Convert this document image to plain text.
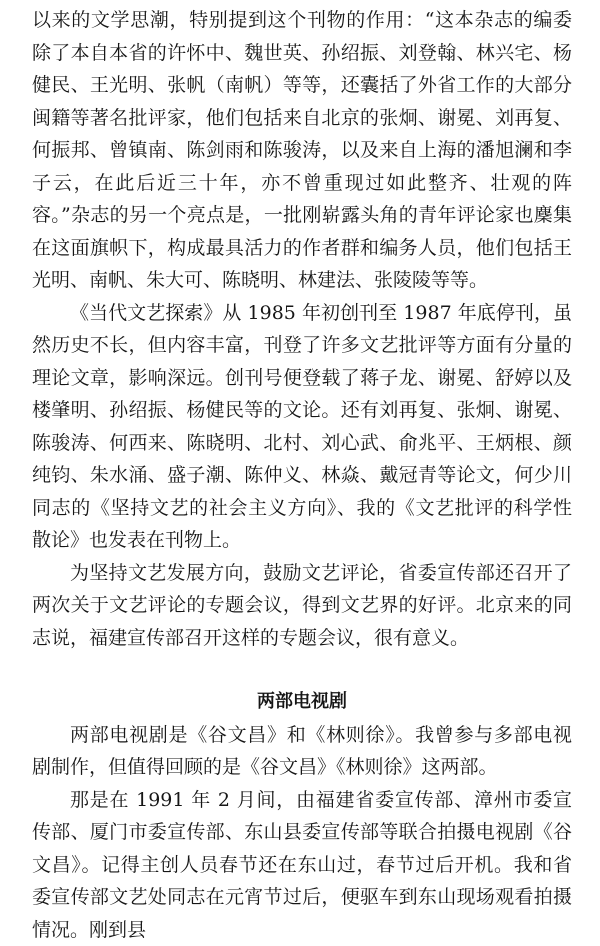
以来的文学思潮，特别提到这个刊物的作用：“这本杂志的编委除了本自本省的许怀中、魏世英、孙绍振、刘登翰、林兴宅、杨健民、王光明、张帆（南帆）等等，还囊括了外省工作的大部分闽籍等著名批评家，他们包括来自北京的张炯、谢冕、刘再复、何振邦、曾镇南、陈剑雨和陈骏涛，以及来自上海的潘旭澜和李子云，在此后近三十年，亦不曾重现过如此整齐、壮观的阵容。”杂志的另一个亮点是，一批刚崭露头角的青年评论家也麇集在这面旗帜下，构成最具活力的作者群和编务人员，他们包括王光明、南帆、朱大可、陈晓明、林建法、张陵陵等等。

《当代文艺探索》从 1985 年初创刊至 1987 年底停刊，虽然历史不长，但内容丰富，刊登了许多文艺批评等方面有分量的理论文章，影响深远。创刊号便登载了蒋子龙、谢冕、舒婷以及楼肇明、孙绍振、杨健民等的文论。还有刘再复、张炯、谢冕、陈骏涛、何西来、陈晓明、北村、刘心武、俞兆平、王炳根、颜纯钧、朱水涌、盛子潮、陈仲义、林焱、戴冠青等论文，何少川同志的《坚持文艺的社会主义方向》、我的《文艺批评的科学性散论》也发表在刊物上。

为坚持文艺发展方向，鼓励文艺评论，省委宣传部还召开了两次关于文艺评论的专题会议，得到文艺界的好评。北京来的同志说，福建宣传部召开这样的专题会议，很有意义。

两部电视剧

两部电视剧是《谷文昌》和《林则徐》。我曾参与多部电视剧制作，但值得回顾的是《谷文昌》《林则徐》这两部。

那是在 1991 年 2 月间，由福建省委宣传部、漳州市委宣传部、厦门市委宣传部、东山县委宣传部等联合拍摄电视剧《谷文昌》。记得主创人员春节还在东山过，春节过后开机。我和省委宣传部文艺处同志在元宵节过后，便驱车到东山现场观看拍摄情况。刚到县
